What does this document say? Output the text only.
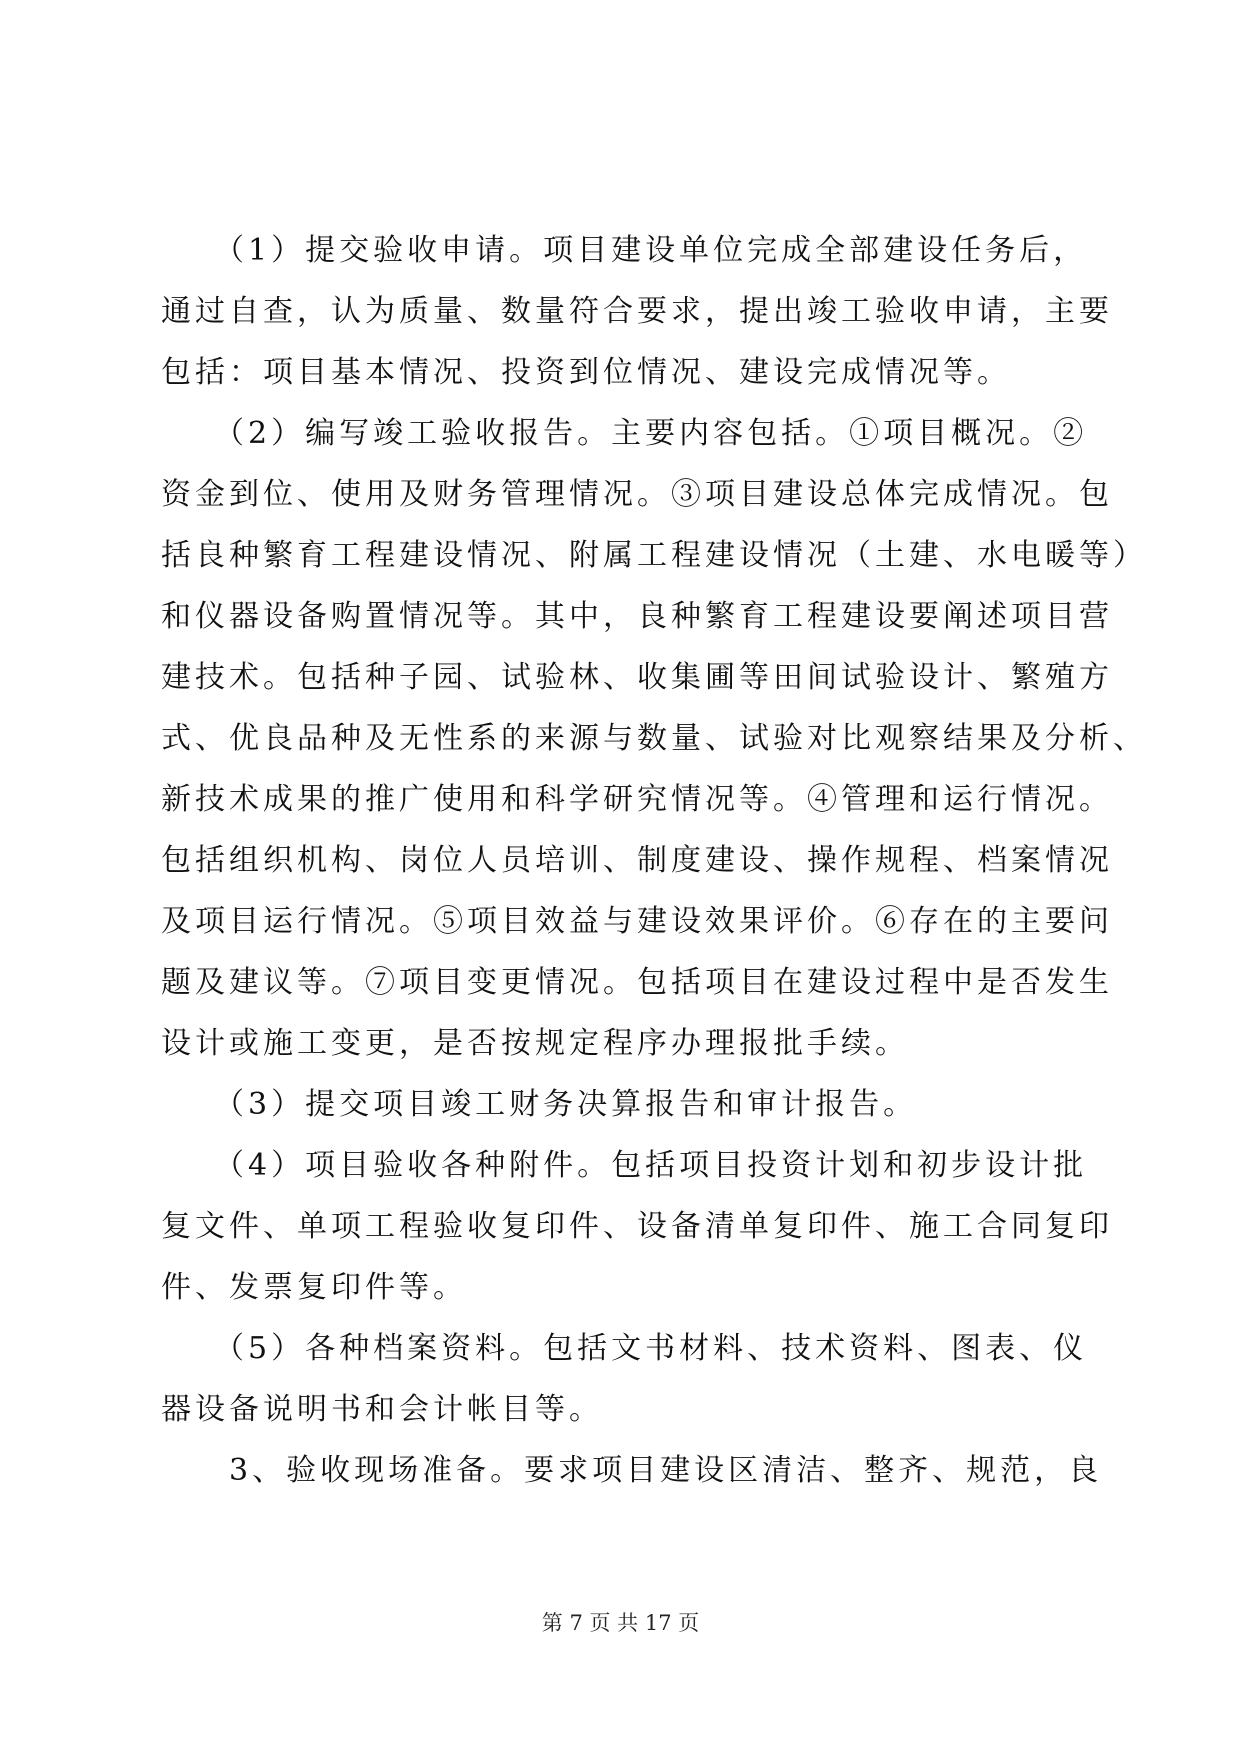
　　（1）提交验收申请。项目建设单位完成全部建设任务后，
通过自查，认为质量、数量符合要求，提出竣工验收申请，主要
包括：项目基本情况、投资到位情况、建设完成情况等。
　　（2）编写竣工验收报告。主要内容包括。①项目概况。②
资金到位、使用及财务管理情况。③项目建设总体完成情况。包
括良种繁育工程建设情况、附属工程建设情况（土建、水电暖等）
和仪器设备购置情况等。其中，良种繁育工程建设要阐述项目营
建技术。包括种子园、试验林、收集圃等田间试验设计、繁殖方
式、优良品种及无性系的来源与数量、试验对比观察结果及分析、
新技术成果的推广使用和科学研究情况等。④管理和运行情况。
包括组织机构、岗位人员培训、制度建设、操作规程、档案情况
及项目运行情况。⑤项目效益与建设效果评价。⑥存在的主要问
题及建议等。⑦项目变更情况。包括项目在建设过程中是否发生
设计或施工变更，是否按规定程序办理报批手续。
　　（3）提交项目竣工财务决算报告和审计报告。
　　（4）项目验收各种附件。包括项目投资计划和初步设计批
复文件、单项工程验收复印件、设备清单复印件、施工合同复印
件、发票复印件等。
　　（5）各种档案资料。包括文书材料、技术资料、图表、仪
器设备说明书和会计帐目等。
　　3、验收现场准备。要求项目建设区清洁、整齐、规范，良
第 7 页 共 17 页
